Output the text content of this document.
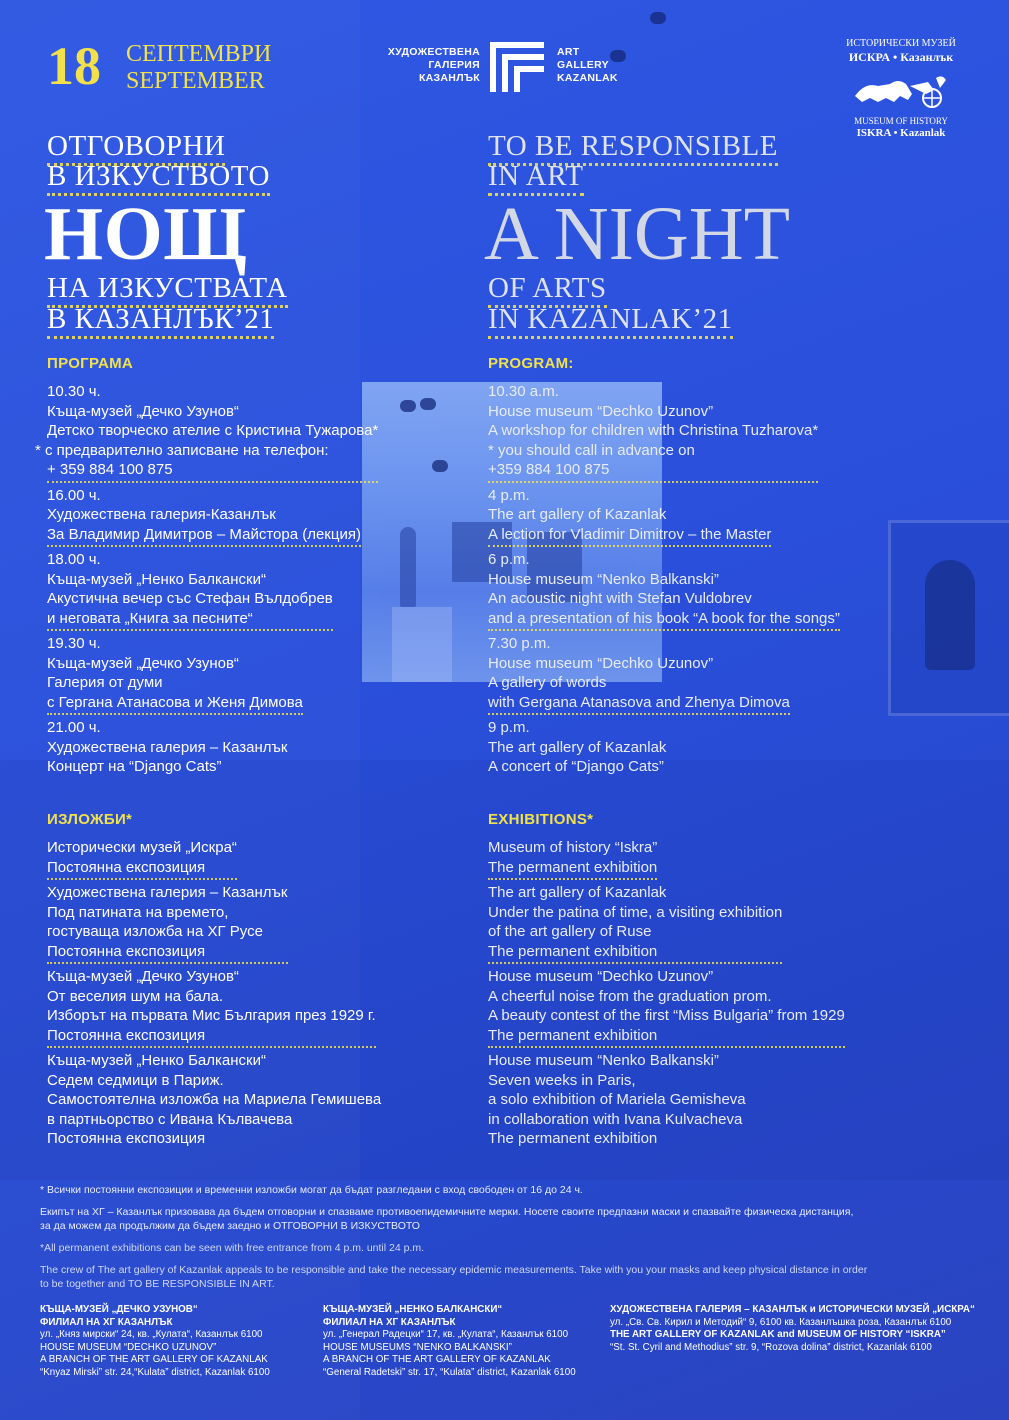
18 СЕПТЕМВРИ
SEPTEMBER
ХУДОЖЕСТВЕНА
ГАЛЕРИЯ
КАЗАНЛЪК
ART
GALLERY
KAZANLAK
ИСТОРИЧЕСКИ МУЗЕЙ
ИСКРА • Казанлък
MUSEUM OF HISTORY
ISKRA • Kazanlak
ОТГОВОРНИ
В ИЗКУСТВОТО
НОЩ
НА ИЗКУСТВАТА
В КАЗАНЛЪК’21
TO BE RESPONSIBLE
IN ART
A NIGHT
OF ARTS
IN KAZANLAK’21
ПРОГРАМА
10.30 ч.
Къща-музей „Дечко Узунов“
Детско творческо ателие с Кристина Тужарова*
* с предварително записване на телефон:
+ 359 884 100 875
16.00 ч.
Художествена галерия-Казанлък
За Владимир Димитров – Майстора (лекция)
18.00 ч.
Къща-музей „Ненко Балкански“
Акустична вечер със Стефан Вълдобрев
и неговата „Книга за песните“
19.30 ч.
Къща-музей „Дечко Узунов“
Галерия от думи
с Гергана Атанасова и Женя Димова
21.00 ч.
Художествена галерия – Казанлък
Концерт на “Django Cats”
PROGRAM:
10.30 a.m.
House museum “Dechko Uzunov”
A workshop for children with Christina Tuzharova*
* you should call in advance on
+359 884 100 875
4 p.m.
The art gallery of Kazanlak
A lection for Vladimir Dimitrov – the Master
6 p.m.
House museum “Nenko Balkanski”
An acoustic night with Stefan Vuldobrev
and a presentation of his book “A book for the songs”
7.30 p.m.
House museum “Dechko Uzunov”
A gallery of words
with Gergana Atanasova and Zhenya Dimova
9 p.m.
The art gallery of Kazanlak
A concert of “Django Cats”
ИЗЛОЖБИ*
Исторически музей „Искра“
Постоянна експозиция
Художествена галерия – Казанлък
Под патината на времето,
гостуваща изложба на ХГ Русе
Постоянна експозиция
Къща-музей „Дечко Узунов“
От веселия шум на бала.
Изборът на първата Мис България през 1929 г.
Постоянна експозиция
Къща-музей „Ненко Балкански“
Седем седмици в Париж.
Самостоятелна изложба на Мариела Гемишева
в партньорство с Ивана Кълвачева
Постоянна експозиция
EXHIBITIONS*
Museum of history “Iskra”
The permanent exhibition
The art gallery of Kazanlak
Under the patina of time, a visiting exhibition
of the art gallery of Ruse
The permanent exhibition
House museum “Dechko Uzunov”
A cheerful noise from the graduation prom.
A beauty contest of the first “Miss Bulgaria” from 1929
The permanent exhibition
House museum “Nenko Balkanski”
Seven weeks in Paris,
a solo exhibition of Mariela Gemisheva
in collaboration with Ivana Kulvacheva
The permanent exhibition

* Всички постоянни експозиции и временни изложби могат да бъдат разгледани с вход свободен от 16 до 24 ч.

Екипът на ХГ – Казанлък призовава да бъдем отговорни и спазваме противоепидемичните мерки. Носете своите предпазни маски и спазвайте физическа дистанция,

за да можем да продължим да бъдем заедно и ОТГОВОРНИ В ИЗКУСТВОТО

*All permanent exhibitions can be seen with free entrance from 4 p.m. until 24 p.m.

The crew of The art gallery of Kazanlak appeals to be responsible and take the necessary epidemic measurements. Take with you your masks and keep physical distance in order

to be together and TO BE RESPONSIBLE IN ART.

КЪЩА-МУЗЕЙ „ДЕЧКО УЗУНОВ“
ФИЛИАЛ НА ХГ КАЗАНЛЪК
ул. „Княз мирски“ 24, кв. „Кулата“, Казанлък 6100
HOUSE MUSEUM “DECHKO UZUNOV”
A BRANCH OF THE ART GALLERY OF KAZANLAK
“Knyaz Mirski” str. 24,“Kulata” district, Kazanlak 6100
КЪЩА-МУЗЕЙ „НЕНКО БАЛКАНСКИ“
ФИЛИАЛ НА ХГ КАЗАНЛЪК
ул. „Генерал Радецки“ 17, кв. „Кулата“, Казанлък 6100
HOUSE MUSEUMS “NENKO BALKANSKI”
A BRANCH OF THE ART GALLERY OF KAZANLAK
“General Radetski” str. 17, “Kulata” district, Kazanlak 6100
ХУДОЖЕСТВЕНА ГАЛЕРИЯ – КАЗАНЛЪК и ИСТОРИЧЕСКИ МУЗЕЙ „ИСКРА“
ул. „Св. Св. Кирил и Методий“ 9, 6100 кв. Казанлъшка роза, Казанлък 6100
THE ART GALLERY OF KAZANLAK and MUSEUM OF HISTORY “ISKRA”
“St. St. Cyril and Methodius” str. 9, “Rozova dolina” district, Kazanlak 6100
